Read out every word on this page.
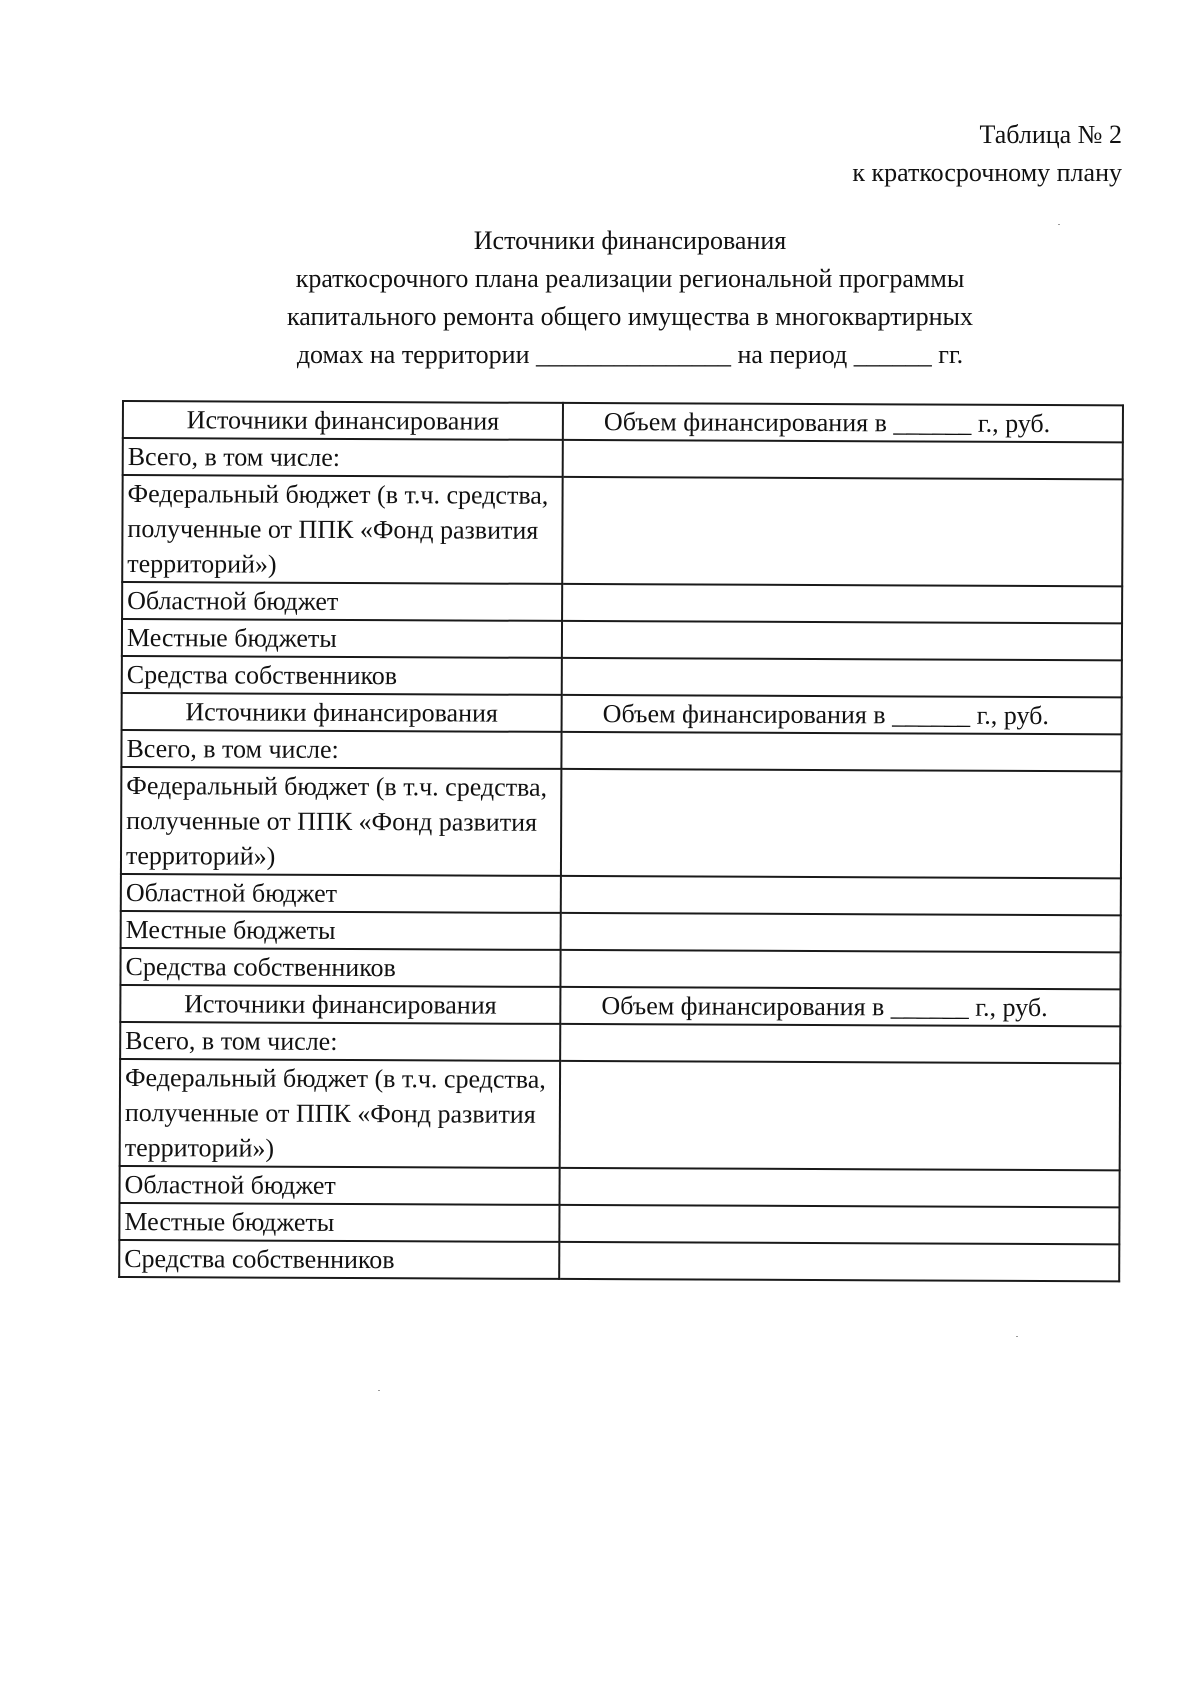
Таблица № 2
к краткосрочному плану
Источники финансирования
краткосрочного плана реализации региональной программы
капитального ремонта общего имущества в многоквартирных
домах на территории _______________ на период ______ гг.
Источники финансирования	Объем финансирования в ______ г., руб.
Всего, в том числе:	

Федеральный бюджет (в т.ч. средства, полученные от ППК «Фонд развития территорий»)	

Областной бюджет	
Местные бюджеты	
Средства собственников	
Источники финансирования	Объем финансирования в ______ г., руб.
Всего, в том числе:	

Федеральный бюджет (в т.ч. средства, полученные от ППК «Фонд развития территорий»)	

Областной бюджет	
Местные бюджеты	
Средства собственников	
Источники финансирования	Объем финансирования в ______ г., руб.
Всего, в том числе:	

Федеральный бюджет (в т.ч. средства, полученные от ППК «Фонд развития территорий»)	

Областной бюджет	
Местные бюджеты	
Средства собственников	
